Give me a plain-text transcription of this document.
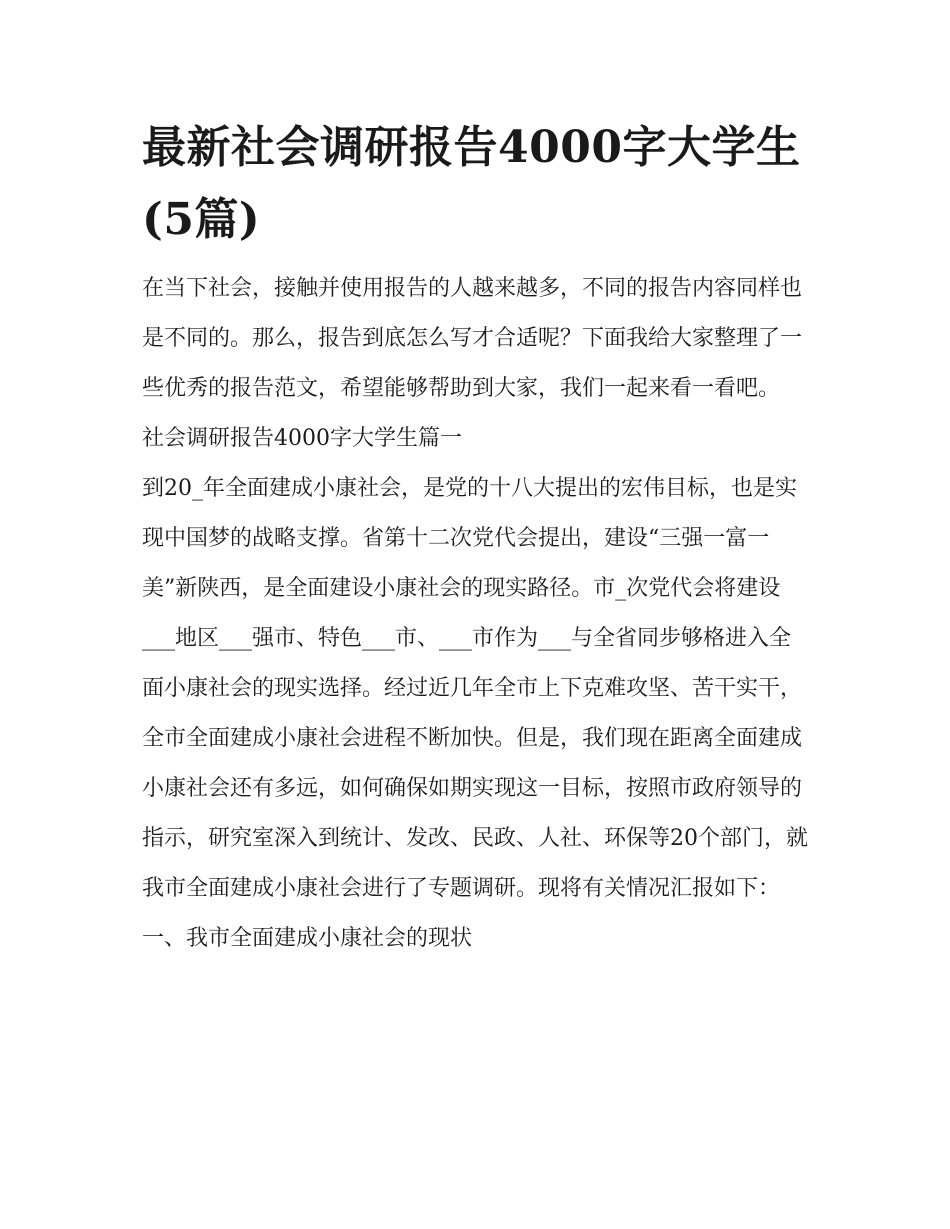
最新社会调研报告4000字大学生(5篇)

在当下社会，接触并使用报告的人越来越多，不同的报告内容同样也是不同的。那么，报告到底怎么写才合适呢？下面我给大家整理了一些优秀的报告范文，希望能够帮助到大家，我们一起来看一看吧。

社会调研报告4000字大学生篇一

到20_年全面建成小康社会，是党的十八大提出的宏伟目标，也是实现中国梦的战略支撑。省第十二次党代会提出，建设“三强一富一美”新陕西，是全面建设小康社会的现实路径。市_次党代会将建设___地区___强市、特色___市、___市作为___与全省同步够格进入全面小康社会的现实选择。经过近几年全市上下克难攻坚、苦干实干，全市全面建成小康社会进程不断加快。但是，我们现在距离全面建成小康社会还有多远，如何确保如期实现这一目标，按照市政府领导的指示，研究室深入到统计、发改、民政、人社、环保等20个部门，就我市全面建成小康社会进行了专题调研。现将有关情况汇报如下：

一、我市全面建成小康社会的现状
